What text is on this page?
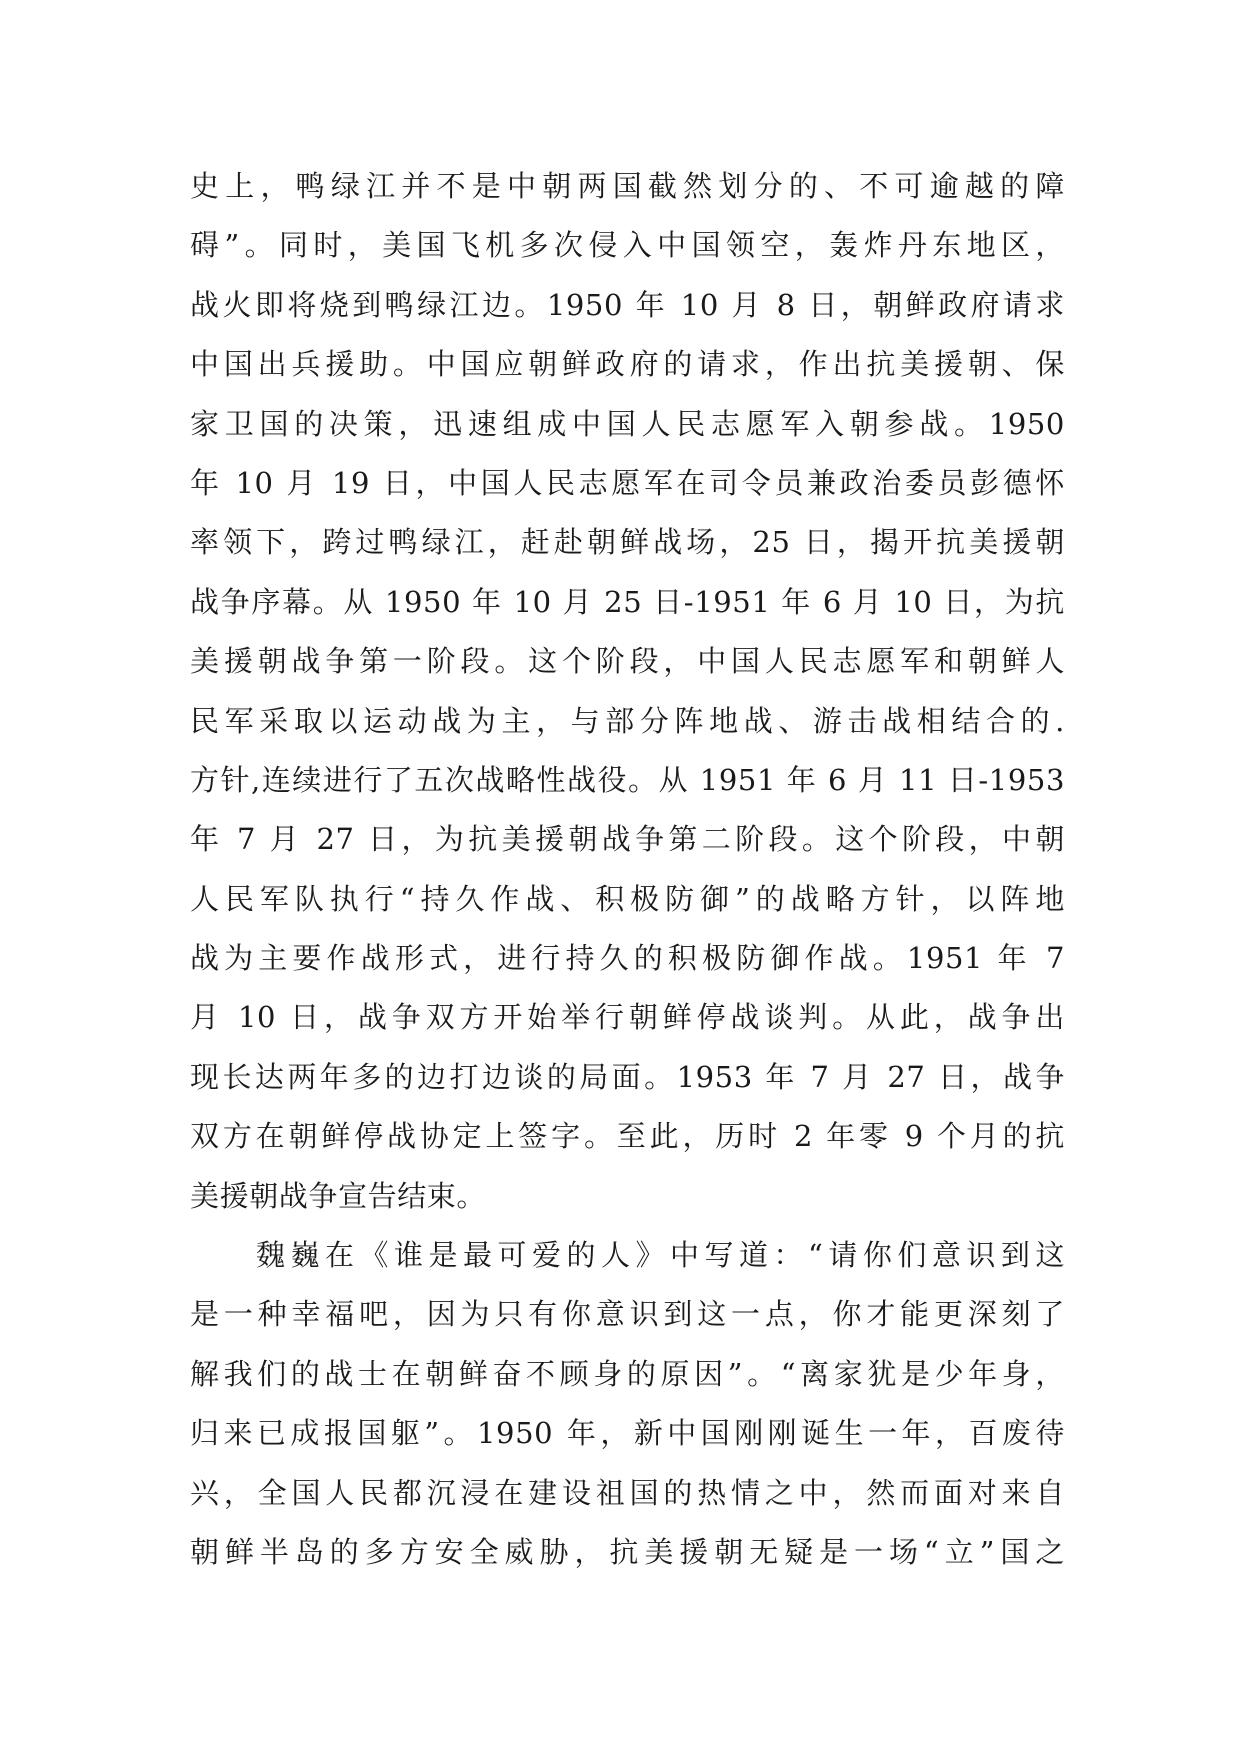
史上，鸭绿江并不是中朝两国截然划分的、不可逾越的障
碍”。同时，美国飞机多次侵入中国领空，轰炸丹东地区，
战火即将烧到鸭绿江边。1950 年 10 月 8 日，朝鲜政府请求
中国出兵援助。中国应朝鲜政府的请求，作出抗美援朝、保
家卫国的决策，迅速组成中国人民志愿军入朝参战。1950
年 10 月 19 日，中国人民志愿军在司令员兼政治委员彭德怀
率领下，跨过鸭绿江，赶赴朝鲜战场，25 日，揭开抗美援朝
战争序幕。从 1950 年 10 月 25 日-1951 年 6 月 10 日，为抗
美援朝战争第一阶段。这个阶段，中国人民志愿军和朝鲜人
民军采取以运动战为主，与部分阵地战、游击战相结合的.
方针,连续进行了五次战略性战役。从 1951 年 6 月 11 日-1953
年 7 月 27 日，为抗美援朝战争第二阶段。这个阶段，中朝
人民军队执行“持久作战、积极防御”的战略方针，以阵地
战为主要作战形式，进行持久的积极防御作战。1951 年 7
月 10 日，战争双方开始举行朝鲜停战谈判。从此，战争出
现长达两年多的边打边谈的局面。1953 年 7 月 27 日，战争
双方在朝鲜停战协定上签字。至此，历时 2 年零 9 个月的抗
美援朝战争宣告结束。
魏巍在《谁是最可爱的人》中写道：“请你们意识到这
是一种幸福吧，因为只有你意识到这一点，你才能更深刻了
解我们的战士在朝鲜奋不顾身的原因”。“离家犹是少年身，
归来已成报国躯”。1950 年，新中国刚刚诞生一年，百废待
兴，全国人民都沉浸在建设祖国的热情之中，然而面对来自
朝鲜半岛的多方安全威胁，抗美援朝无疑是一场“立”国之
